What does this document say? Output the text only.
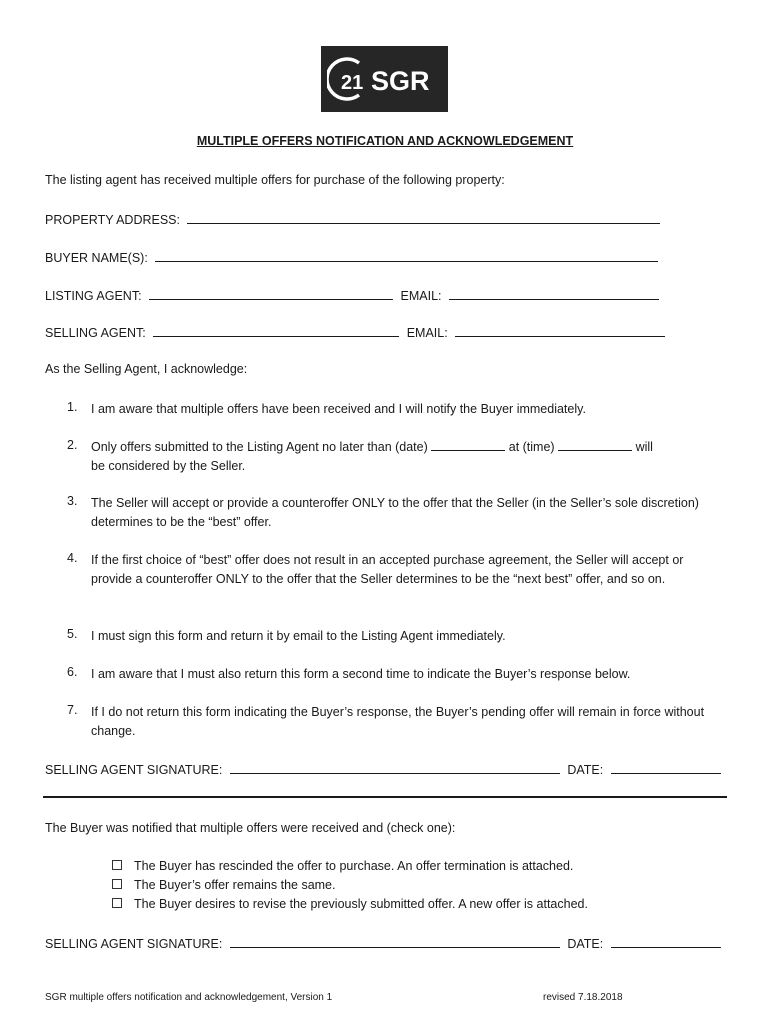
21 SGR
MULTIPLE OFFERS NOTIFICATION AND ACKNOWLEDGEMENT
The listing agent has received multiple offers for purchase of the following property:
PROPERTY ADDRESS:
BUYER NAME(S):
LISTING AGENT:	EMAIL:
SELLING AGENT:	EMAIL:
As the Selling Agent, I acknowledge:
1. I am aware that multiple offers have been received and I will notify the Buyer immediately.
2. Only offers submitted to the Listing Agent no later than (date)	at (time)	will
be considered by the Seller.
3. The Seller will accept or provide a counteroffer ONLY to the offer that the Seller (in the Seller’s sole discretion) determines to be the “best” offer.
4. If the first choice of “best” offer does not result in an accepted purchase agreement, the Seller will accept or provide a counteroffer ONLY to the offer that the Seller determines to be the “next best” offer, and so on.
5. I must sign this form and return it by email to the Listing Agent immediately.
6. I am aware that I must also return this form a second time to indicate the Buyer’s response below.
7. If I do not return this form indicating the Buyer’s response, the Buyer’s pending offer will remain in force without change.
SELLING AGENT SIGNATURE:	DATE:
The Buyer was notified that multiple offers were received and (check one):
The Buyer has rescinded the offer to purchase. An offer termination is attached.
The Buyer’s offer remains the same.
The Buyer desires to revise the previously submitted offer. A new offer is attached.
SELLING AGENT SIGNATURE:	DATE:
SGR multiple offers notification and acknowledgement, Version 1	revised 7.18.2018
